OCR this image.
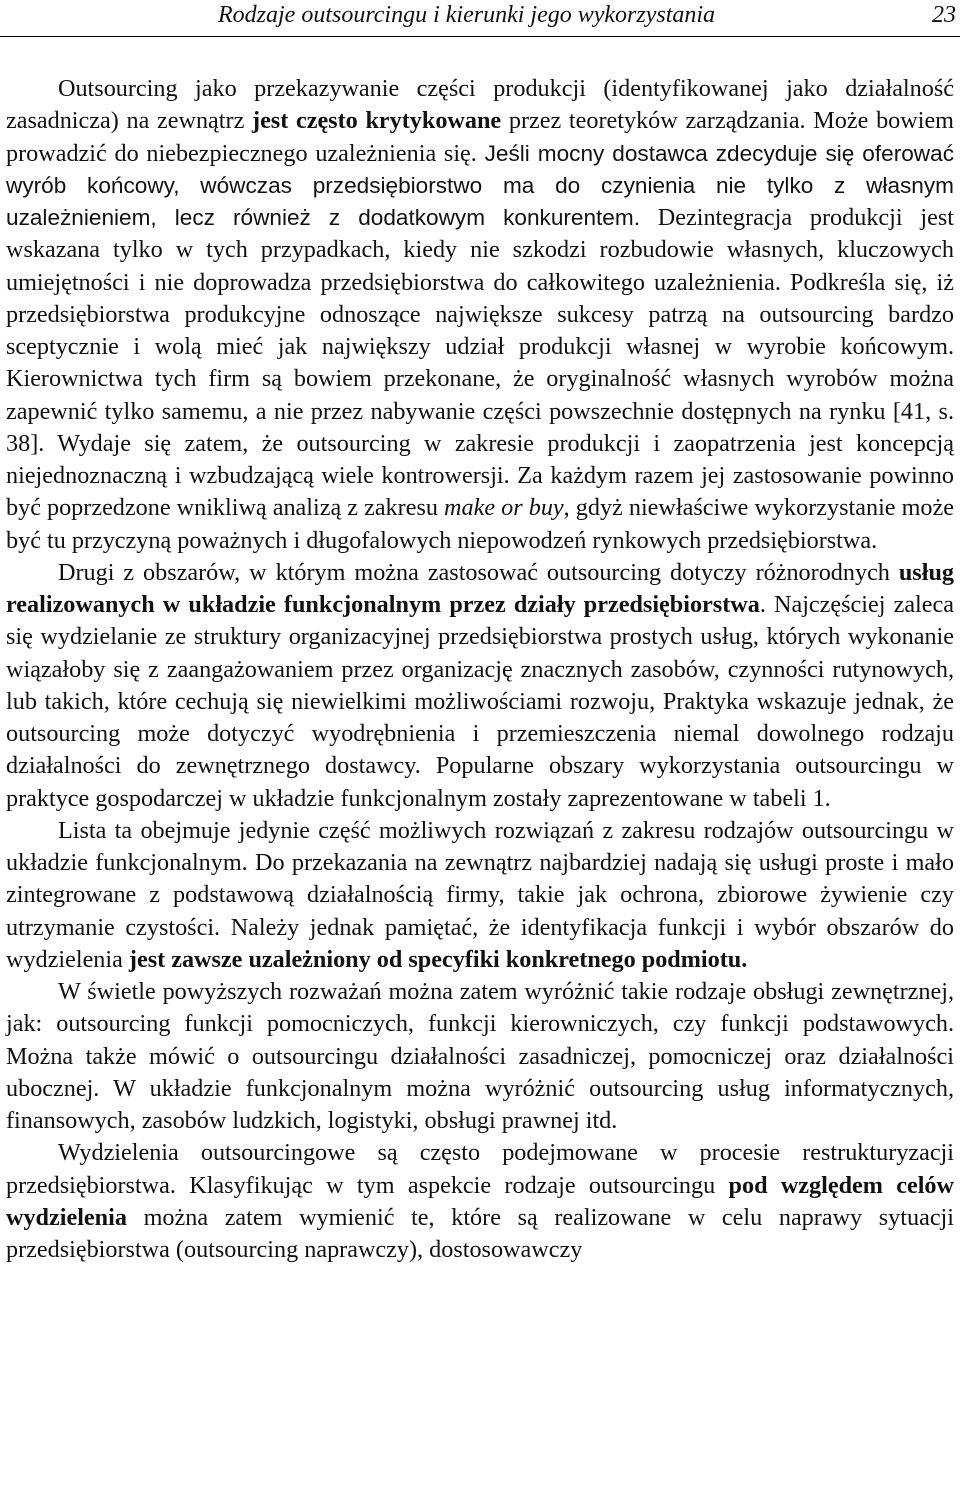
Rodzaje outsourcingu i kierunki jego wykorzystania	23

Outsourcing jako przekazywanie części produkcji (identyfikowanej jako działalność zasadnicza) na zewnątrz jest często krytykowane przez teoretyków zarządzania. Może bowiem prowadzić do niebezpiecznego uzależnienia się. Jeśli mocny dostawca zdecyduje się oferować wyrób końcowy, wówczas przedsiębiorstwo ma do czynienia nie tylko z własnym uzależnieniem, lecz również z dodatkowym konkurentem. Dezintegracja produkcji jest wskazana tylko w tych przypadkach, kiedy nie szkodzi rozbudowie własnych, kluczowych umiejętności i nie doprowadza przedsiębiorstwa do całkowitego uzależnienia. Podkreśla się, iż przedsiębiorstwa produkcyjne odnoszące największe sukcesy patrzą na outsourcing bardzo sceptycznie i wolą mieć jak największy udział produkcji własnej w wyrobie końcowym. Kierownictwa tych firm są bowiem przekonane, że oryginalność własnych wyrobów można zapewnić tylko samemu, a nie przez nabywanie części powszechnie dostępnych na rynku [41, s. 38]. Wydaje się zatem, że outsourcing w zakresie produkcji i zaopatrzenia jest koncepcją niejednoznaczną i wzbudzającą wiele kontrowersji. Za każdym razem jej zastosowanie powinno być poprzedzone wnikliwą analizą z zakresu make or buy, gdyż niewłaściwe wykorzystanie może być tu przyczyną poważnych i długofalowych niepowodzeń rynkowych przedsiębiorstwa.

Drugi z obszarów, w którym można zastosować outsourcing dotyczy różnorodnych usług realizowanych w układzie funkcjonalnym przez działy przedsiębiorstwa. Najczęściej zaleca się wydzielanie ze struktury organizacyjnej przedsiębiorstwa prostych usług, których wykonanie wiązałoby się z zaangażowaniem przez organizację znacznych zasobów, czynności rutynowych, lub takich, które cechują się niewielkimi możliwościami rozwoju, Praktyka wskazuje jednak, że outsourcing może dotyczyć wyodrębnienia i przemieszczenia niemal dowolnego rodzaju działalności do zewnętrznego dostawcy. Popularne obszary wykorzystania outsourcingu w praktyce gospodarczej w układzie funkcjonalnym zostały zaprezentowane w tabeli 1.

Lista ta obejmuje jedynie część możliwych rozwiązań z zakresu rodzajów outsourcingu w układzie funkcjonalnym. Do przekazania na zewnątrz najbardziej nadają się usługi proste i mało zintegrowane z podstawową działalnością firmy, takie jak ochrona, zbiorowe żywienie czy utrzymanie czystości. Należy jednak pamiętać, że identyfikacja funkcji i wybór obszarów do wydzielenia jest zawsze uzależniony od specyfiki konkretnego podmiotu.

W świetle powyższych rozważań można zatem wyróżnić takie rodzaje obsługi zewnętrznej, jak: outsourcing funkcji pomocniczych, funkcji kierowniczych, czy funkcji podstawowych. Można także mówić o outsourcingu działalności zasadniczej, pomocniczej oraz działalności ubocznej. W układzie funkcjonalnym można wyróżnić outsourcing usług informatycznych, finansowych, zasobów ludzkich, logistyki, obsługi prawnej itd.

Wydzielenia outsourcingowe są często podejmowane w procesie restrukturyzacji przedsiębiorstwa. Klasyfikując w tym aspekcie rodzaje outsourcingu pod względem celów wydzielenia można zatem wymienić te, które są realizowane w celu naprawy sytuacji przedsiębiorstwa (outsourcing naprawczy), dostosowawczy
